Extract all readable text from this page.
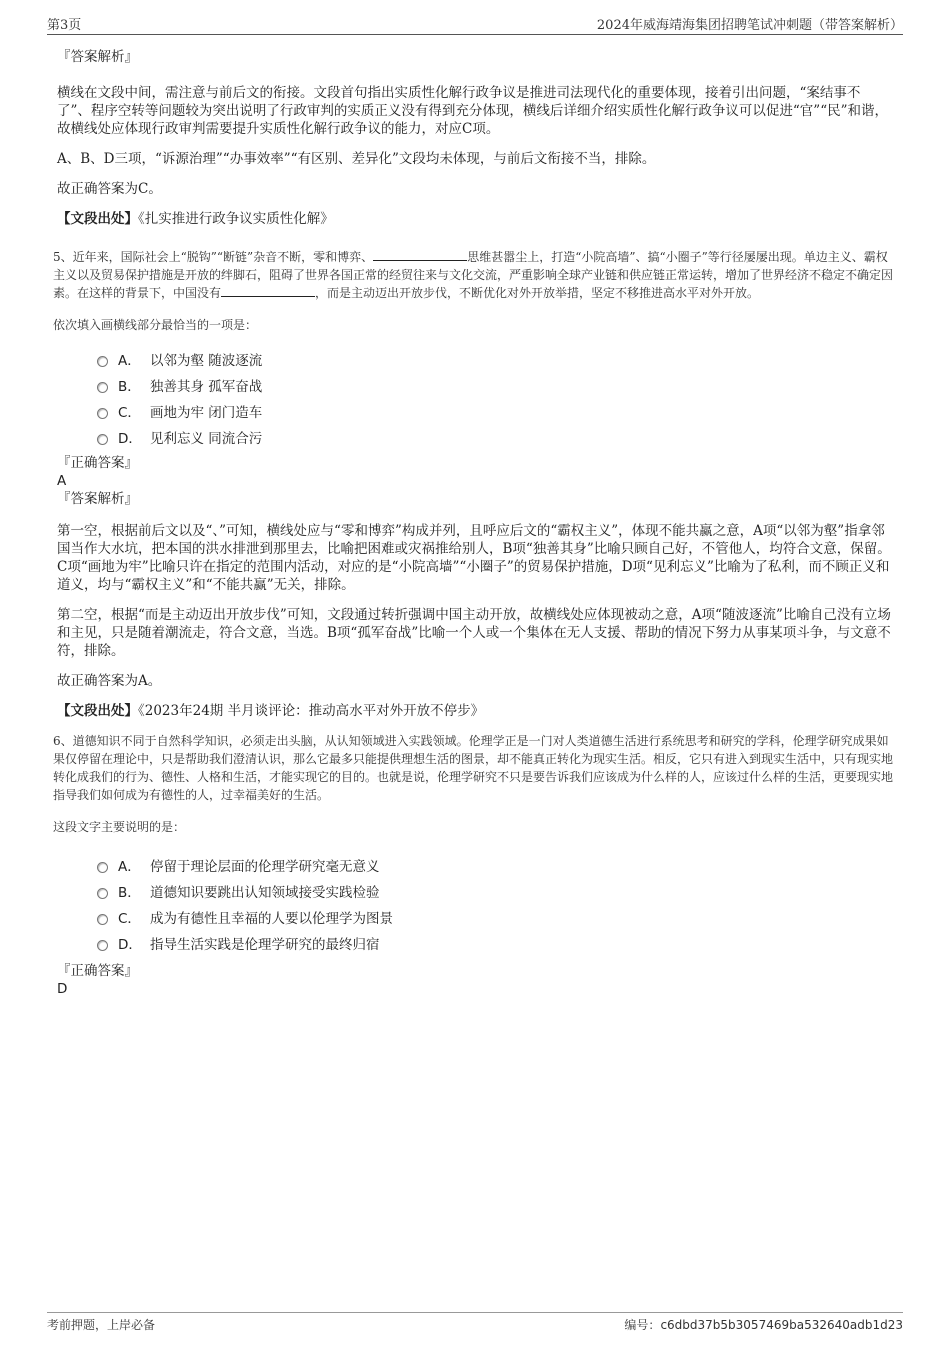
第3页	2024年威海靖海集团招聘笔试冲刺题（带答案解析）

『答案解析』

横线在文段中间，需注意与前后文的衔接。文段首句指出实质性化解行政争议是推进司法现代化的重要体现，接着引出问题，“案结事不了”、程序空转等问题较为突出说明了行政审判的实质正义没有得到充分体现，横线后详细介绍实质性化解行政争议可以促进“官”“民”和谐，故横线处应体现行政审判需要提升实质性化解行政争议的能力，对应C项。

A、B、D三项，“诉源治理”“办事效率”“有区别、差异化”文段均未体现，与前后文衔接不当，排除。

故正确答案为C。

【文段出处】《扎实推进行政争议实质性化解》

5、近年来，国际社会上“脱钩”“断链”杂音不断，零和博弈、	思维甚嚣尘上，打造“小院高墙”、搞“小圈子”等行径屡屡出现。单边主义、霸权主义以及贸易保护措施是开放的绊脚石，阻碍了世界各国正常的经贸往来与文化交流，严重影响全球产业链和供应链正常运转，增加了世界经济不稳定不确定因素。在这样的背景下，中国没有	，而是主动迈出开放步伐，不断优化对外开放举措，坚定不移推进高水平对外开放。

依次填入画横线部分最恰当的一项是：

A． 以邻为壑 随波逐流
B． 独善其身 孤军奋战
C． 画地为牢 闭门造车
D． 见利忘义 同流合污

『正确答案』

A

『答案解析』

第一空，根据前后文以及“、”可知，横线处应与“零和博弈”构成并列，且呼应后文的“霸权主义”，体现不能共赢之意，A项“以邻为壑”指拿邻国当作大水坑，把本国的洪水排泄到那里去，比喻把困难或灾祸推给别人，B项“独善其身”比喻只顾自己好，不管他人，均符合文意，保留。C项“画地为牢”比喻只许在指定的范围内活动，对应的是“小院高墙”“小圈子”的贸易保护措施，D项“见利忘义”比喻为了私利，而不顾正义和道义，均与“霸权主义”和“不能共赢”无关，排除。

第二空，根据“而是主动迈出开放步伐”可知，文段通过转折强调中国主动开放，故横线处应体现被动之意，A项“随波逐流”比喻自己没有立场和主见，只是随着潮流走，符合文意，当选。B项“孤军奋战”比喻一个人或一个集体在无人支援、帮助的情况下努力从事某项斗争，与文意不符，排除。

故正确答案为A。

【文段出处】《2023年24期 半月谈评论：推动高水平对外开放不停步》

6、道德知识不同于自然科学知识，必须走出头脑，从认知领域进入实践领域。伦理学正是一门对人类道德生活进行系统思考和研究的学科，伦理学研究成果如果仅停留在理论中，只是帮助我们澄清认识，那么它最多只能提供理想生活的图景，却不能真正转化为现实生活。相反，它只有进入到现实生活中，只有现实地转化成我们的行为、德性、人格和生活，才能实现它的目的。也就是说，伦理学研究不只是要告诉我们应该成为什么样的人，应该过什么样的生活，更要现实地指导我们如何成为有德性的人，过幸福美好的生活。

这段文字主要说明的是：

A． 停留于理论层面的伦理学研究毫无意义
B． 道德知识要跳出认知领域接受实践检验
C． 成为有德性且幸福的人要以伦理学为图景
D． 指导生活实践是伦理学研究的最终归宿

『正确答案』

D

考前押题，上岸必备	编号：c6dbd37b5b3057469ba532640adb1d23
